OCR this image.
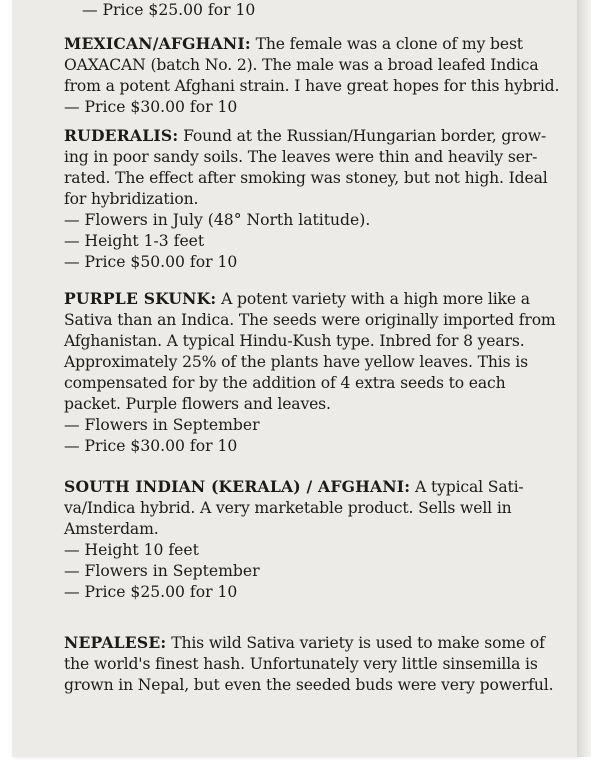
— Price $25.00 for 10
MEXICAN/AFGHANI: The female was a clone of my best
OAXACAN (batch No. 2). The male was a broad leafed Indica
from a potent Afghani strain. I have great hopes for this hybrid.
— Price $30.00 for 10
RUDERALIS: Found at the Russian/Hungarian border, grow-
ing in poor sandy soils. The leaves were thin and heavily ser-
rated. The effect after smoking was stoney, but not high. Ideal
for hybridization.
— Flowers in July (48° North latitude).
— Height 1-3 feet
— Price $50.00 for 10
PURPLE SKUNK: A potent variety with a high more like a
Sativa than an Indica. The seeds were originally imported from
Afghanistan. A typical Hindu-Kush type. Inbred for 8 years.
Approximately 25% of the plants have yellow leaves. This is
compensated for by the addition of 4 extra seeds to each
packet. Purple flowers and leaves.
— Flowers in September
— Price $30.00 for 10
SOUTH INDIAN (KERALA) / AFGHANI: A typical Sati-
va/Indica hybrid. A very marketable product. Sells well in
Amsterdam.
— Height 10 feet
— Flowers in September
— Price $25.00 for 10
NEPALESE: This wild Sativa variety is used to make some of
the world's finest hash. Unfortunately very little sinsemilla is
grown in Nepal, but even the seeded buds were very powerful.
